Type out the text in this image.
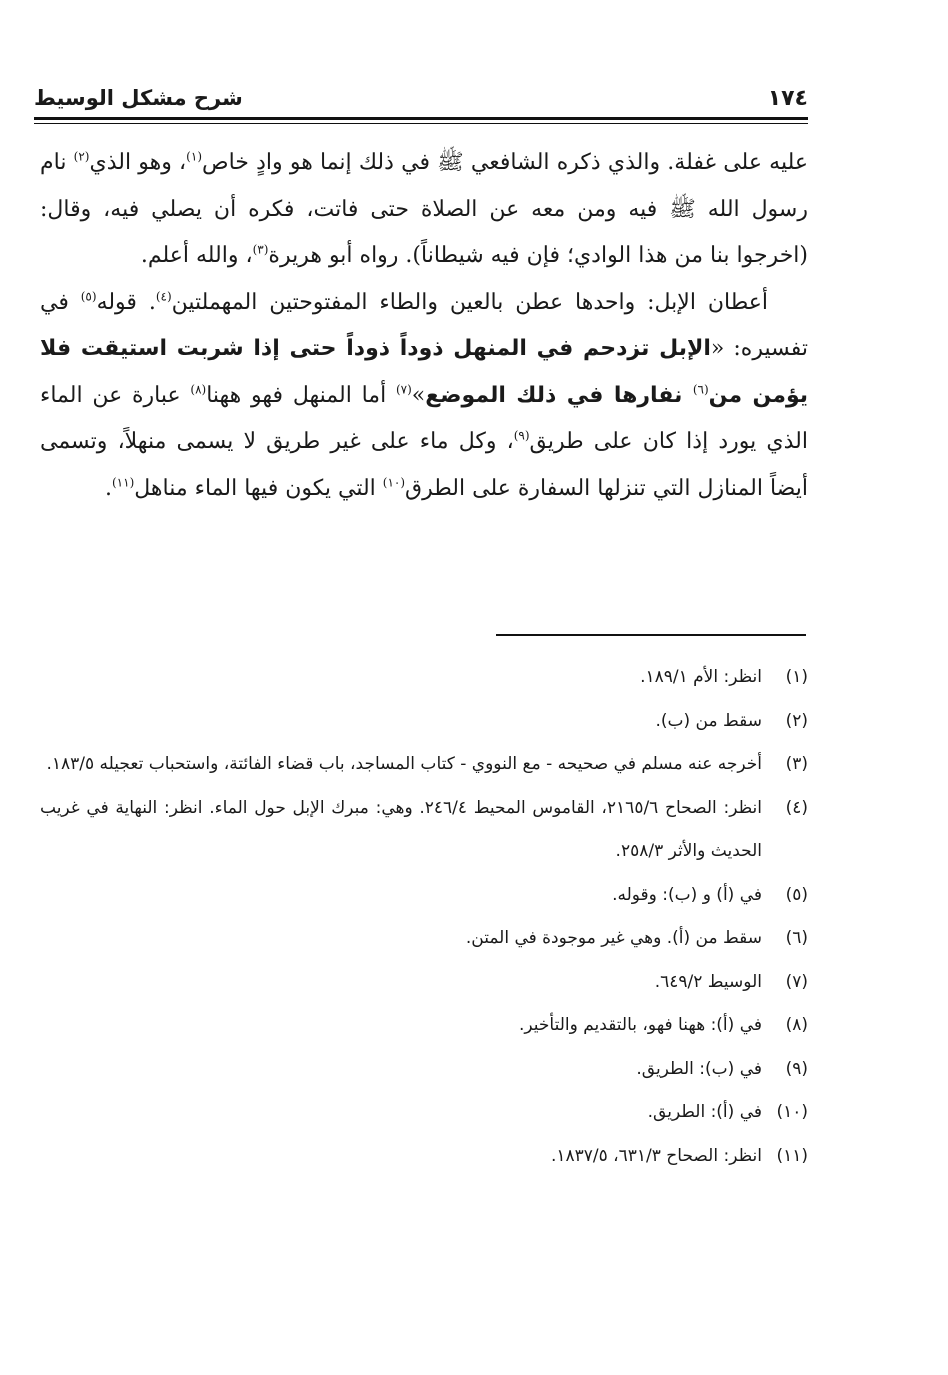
١٧٤
شرح مشكل الوسيط

عليه على غفلة. والذي ذكره الشافعي ﷺ في ذلك إنما هو وادٍ خاص$^{(١)}$، وهو الذي$^{(٢)}$ نام رسول الله ﷺ فيه ومن معه عن الصلاة حتى فاتت، فكره أن يصلي فيه، وقال: (اخرجوا بنا من هذا الوادي؛ فإن فيه شيطاناً). رواه أبو هريرة$^{(٣)}$، والله أعلم.

أعطان الإبل: واحدها عطن بالعين والطاء المفتوحتين المهملتين$^{(٤)}$. قوله$^{(٥)}$ في تفسيره: «الإبل تزدحم في المنهل ذوداً ذوداً حتى إذا شربت استيقت فلا يؤمن من$^{(٦)}$ نفارها في ذلك الموضع»$^{(٧)}$ أما المنهل فهو ههنا$^{(٨)}$ عبارة عن الماء الذي يورد إذا كان على طريق$^{(٩)}$، وكل ماء على غير طريق لا يسمى منهلاً، وتسمى أيضاً المنازل التي تنزلها السفارة على الطرق$^{(١٠)}$ التي يكون فيها الماء مناهل$^{(١١)}$.

(١)انظر: الأم ١٨٩/١.

(٢)سقط من (ب).

(٣)أخرجه عنه مسلم في صحيحه - مع النووي - كتاب المساجد، باب قضاء الفائتة، واستحباب تعجيله ١٨٣/٥.

(٤)انظر: الصحاح ٢١٦٥/٦، القاموس المحيط ٢٤٦/٤. وهي: مبرك الإبل حول الماء. انظر: النهاية في غريب الحديث والأثر ٢٥٨/٣.

(٥)في (أ) و (ب): وقوله.

(٦)سقط من (أ). وهي غير موجودة في المتن.

(٧)الوسيط ٦٤٩/٢.

(٨)في (أ): ههنا فهو، بالتقديم والتأخير.

(٩)في (ب): الطريق.

(١٠)في (أ): الطريق.

(١١)انظر: الصحاح ٦٣١/٣، ١٨٣٧/٥.
